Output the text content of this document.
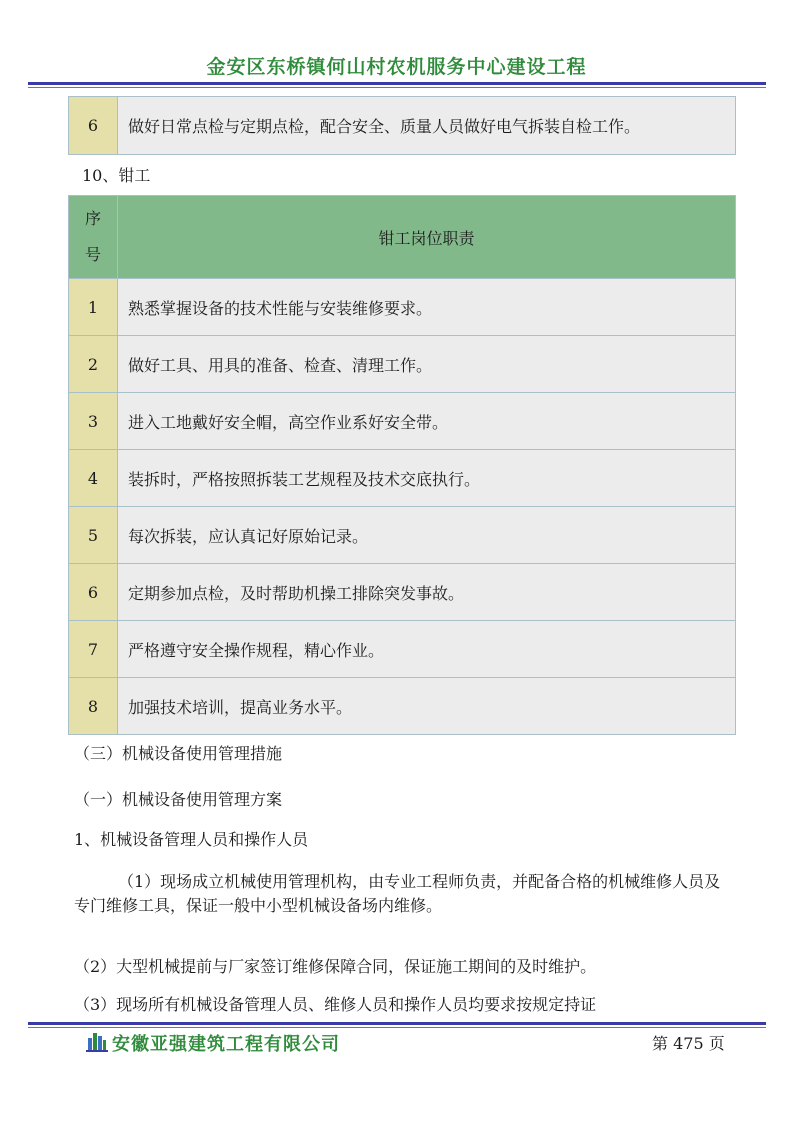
金安区东桥镇何山村农机服务中心建设工程
6	做好日常点检与定期点检，配合安全、质量人员做好电气拆装自检工作。
10、钳工
序
号	钳工岗位职责
1	熟悉掌握设备的技术性能与安装维修要求。
2	做好工具、用具的准备、检查、清理工作。
3	进入工地戴好安全帽，高空作业系好安全带。
4	装拆时，严格按照拆装工艺规程及技术交底执行。
5	每次拆装，应认真记好原始记录。
6	定期参加点检，及时帮助机操工排除突发事故。
7	严格遵守安全操作规程，精心作业。
8	加强技术培训，提高业务水平。

（三）机械设备使用管理措施

（一）机械设备使用管理方案

1、机械设备管理人员和操作人员

（1）现场成立机械使用管理机构，由专业工程师负责，并配备合格的机械维修人员及专门维修工具，保证一般中小型机械设备场内维修。

（2）大型机械提前与厂家签订维修保障合同，保证施工期间的及时维护。

（3）现场所有机械设备管理人员、维修人员和操作人员均要求按规定持证

安徽亚强建筑工程有限公司	第 475 页
